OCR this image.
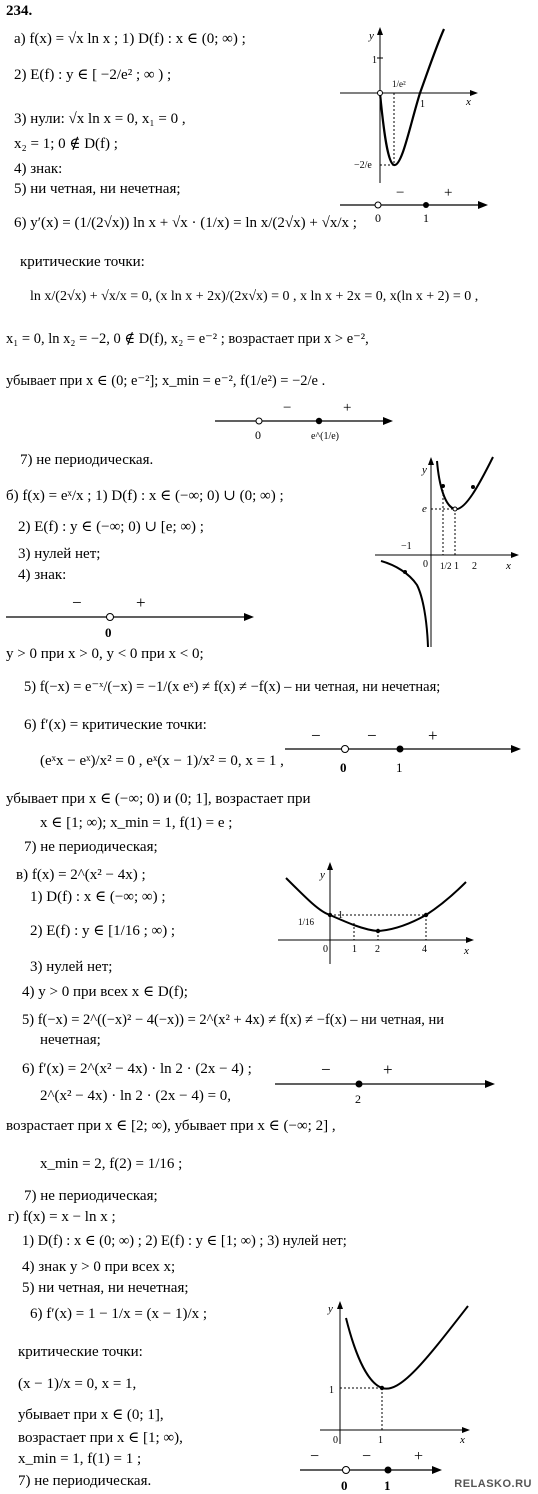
234.
а) f(x) = √x ln x ; 1) D(f) : x ∈ (0; ∞) ;
2) E(f) : y ∈ [ −2/e² ; ∞ ) ;
3) нули: √x ln x = 0, x₁ = 0 ,
x₂ = 1; 0 ∉ D(f) ;
4) знак:
5) ни четная, ни нечетная;
6) y′(x) = (1/(2√x)) ln x + √x · (1/x) = ln x/(2√x) + √x/x ;
критические точки:
ln x/(2√x) + √x/x = 0, (x ln x + 2x)/(2x√x) = 0 , x ln x + 2x = 0, x(ln x + 2) = 0 ,
x₁ = 0, ln x₂ = −2, 0 ∉ D(f), x₂ = e⁻² ; возрастает при x > e⁻²,
убывает при x ∈ (0; e⁻²]; x_min = e⁻², f(1/e²) = −2/e .
7) не периодическая.
y
x
1
1
1/e²
−2/e
−	+
0	1
−	+
0	e^(1/e)
б) f(x) = eˣ/x ; 1) D(f) : x ∈ (−∞; 0) ∪ (0; ∞) ;
2) E(f) : y ∈ (−∞; 0) ∪ [e; ∞) ;
3) нулей нет;
4) знак:
y > 0 при x > 0, y < 0 при x < 0;
5) f(−x) = e⁻ˣ/(−x) = −1/(x eˣ) ≠ f(x) ≠ −f(x) – ни четная, ни нечетная;
6) f′(x) = критические точки:
(eˣx − eˣ)/x² = 0 , eˣ(x − 1)/x² = 0, x = 1 ,
убывает при x ∈ (−∞; 0) и (0; 1], возрастает при
x ∈ [1; ∞); x_min = 1, f(1) = e ;
7) не периодическая;
y
x
e
−1
0 1/2 1 2
−	+
0
−	−	+
0	1
в) f(x) = 2^(x² − 4x) ;
1) D(f) : x ∈ (−∞; ∞) ;
2) E(f) : y ∈ [1/16 ; ∞) ;
3) нулей нет;
4) y > 0 при всех x ∈ D(f);
5) f(−x) = 2^((−x)² − 4(−x)) = 2^(x² + 4x) ≠ f(x) ≠ −f(x) – ни четная, ни
нечетная;
6) f′(x) = 2^(x² − 4x) · ln 2 · (2x − 4) ;
2^(x² − 4x) · ln 2 · (2x − 4) = 0,
возрастает при x ∈ [2; ∞), убывает при x ∈ (−∞; 2] ,
x_min = 2, f(2) = 1/16 ;
7) не периодическая;
y
x
1/16
1
0 1 2	4
−	+
2
г) f(x) = x − ln x ;
1) D(f) : x ∈ (0; ∞) ; 2) E(f) : y ∈ [1; ∞) ; 3) нулей нет;
4) знак y > 0 при всех x;
5) ни четная, ни нечетная;
6) f′(x) = 1 − 1/x = (x − 1)/x ;
критические точки:
(x − 1)/x = 0, x = 1,
убывает при x ∈ (0; 1],
возрастает при x ∈ [1; ∞),
x_min = 1, f(1) = 1 ;
7) не периодическая.
y
x
1
0	1
−	−	+
0	1	RELASKO.RU
